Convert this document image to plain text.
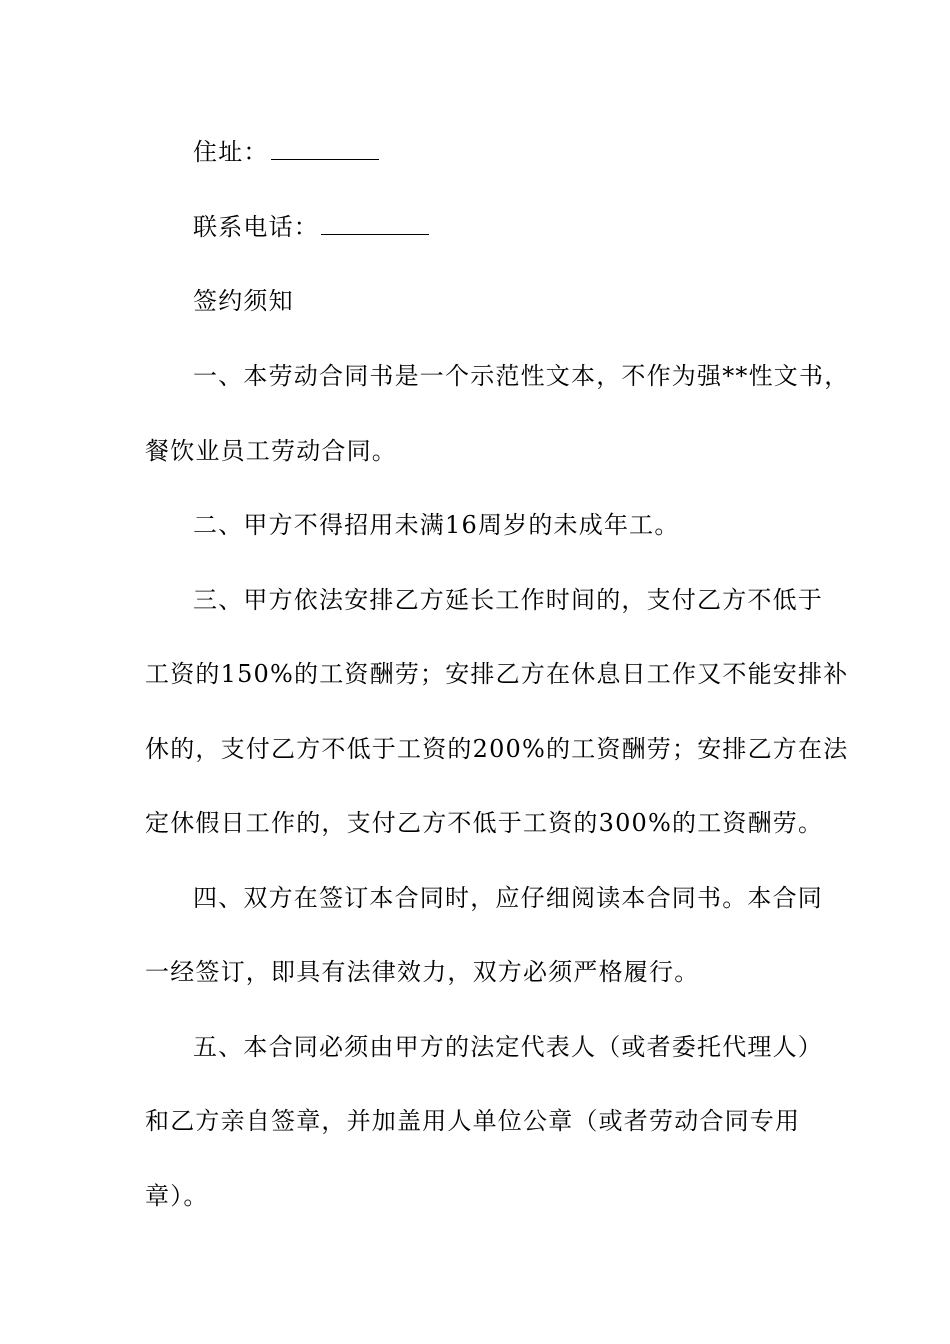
住址：
联系电话：
签约须知
一、本劳动合同书是一个示范性文本，不作为强**性文书，
餐饮业员工劳动合同。
二、甲方不得招用未满16周岁的未成年工。
三、甲方依法安排乙方延长工作时间的，支付乙方不低于
工资的150%的工资酬劳；安排乙方在休息日工作又不能安排补
休的，支付乙方不低于工资的200%的工资酬劳；安排乙方在法
定休假日工作的，支付乙方不低于工资的300%的工资酬劳。
四、双方在签订本合同时，应仔细阅读本合同书。本合同
一经签订，即具有法律效力，双方必须严格履行。
五、本合同必须由甲方的法定代表人（或者委托代理人）
和乙方亲自签章，并加盖用人单位公章（或者劳动合同专用
章）。
